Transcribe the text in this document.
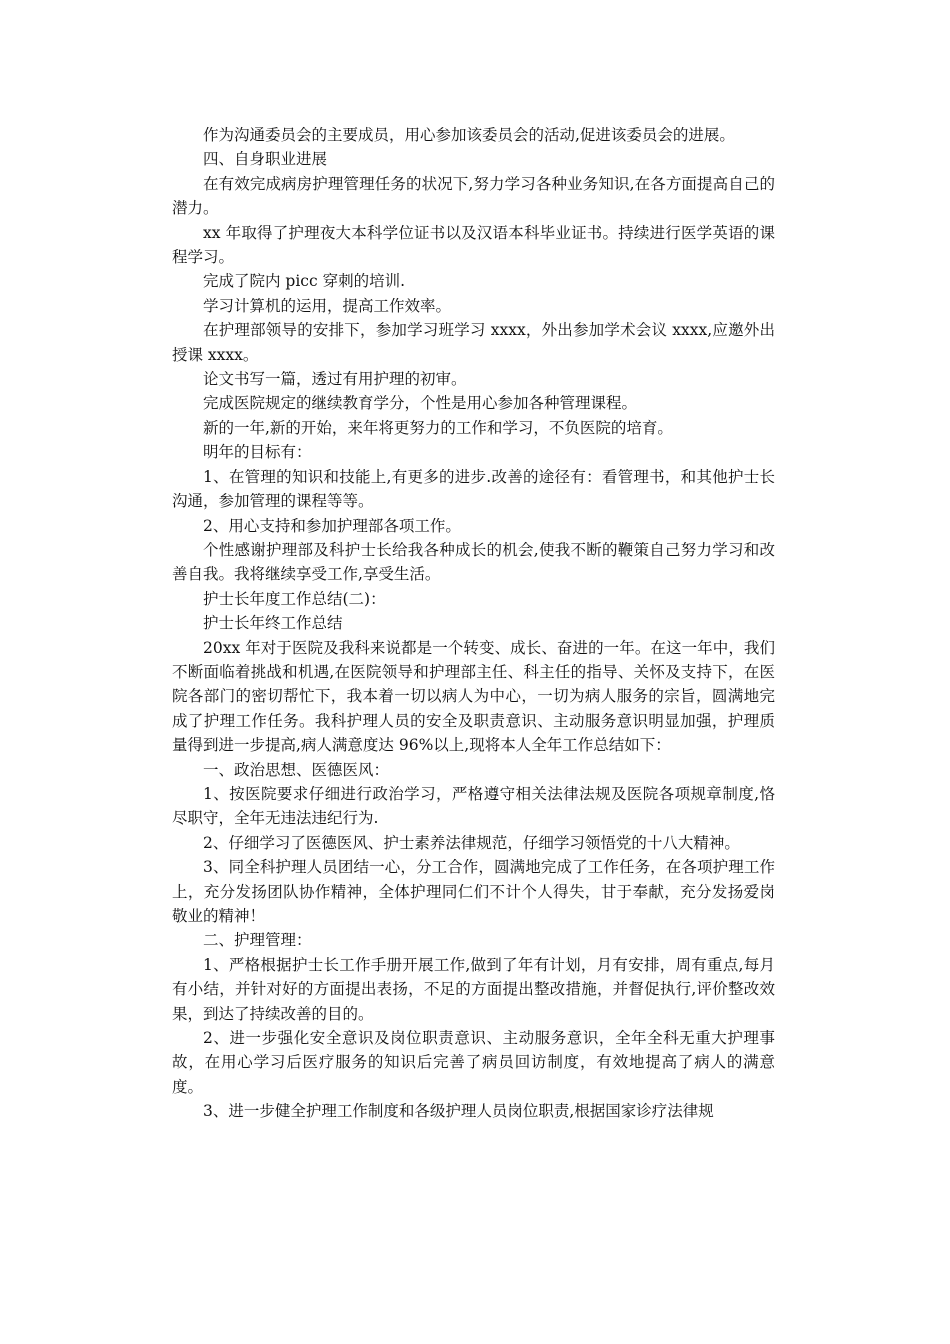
作为沟通委员会的主要成员，用心参加该委员会的活动,促进该委员会的进展。

四、自身职业进展

在有效完成病房护理管理任务的状况下,努力学习各种业务知识,在各方面提高自己的潜力。

xx 年取得了护理夜大本科学位证书以及汉语本科毕业证书。持续进行医学英语的课程学习。

完成了院内 picc 穿刺的培训.

学习计算机的运用，提高工作效率。

在护理部领导的安排下，参加学习班学习 xxxx，外出参加学术会议 xxxx,应邀外出授课 xxxx。

论文书写一篇，透过有用护理的初审。

完成医院规定的继续教育学分，个性是用心参加各种管理课程。

新的一年,新的开始，来年将更努力的工作和学习，不负医院的培育。

明年的目标有：

1、在管理的知识和技能上,有更多的进步.改善的途径有：看管理书，和其他护士长沟通，参加管理的课程等等。

2、用心支持和参加护理部各项工作。

个性感谢护理部及科护士长给我各种成长的机会,使我不断的鞭策自己努力学习和改善自我。我将继续享受工作,享受生活。

护士长年度工作总结(二)：

护士长年终工作总结

20xx 年对于医院及我科来说都是一个转变、成长、奋进的一年。在这一年中，我们不断面临着挑战和机遇,在医院领导和护理部主任、科主任的指导、关怀及支持下，在医院各部门的密切帮忙下，我本着一切以病人为中心，一切为病人服务的宗旨，圆满地完成了护理工作任务。我科护理人员的安全及职责意识、主动服务意识明显加强，护理质量得到进一步提高,病人满意度达 96%以上,现将本人全年工作总结如下：

一、政治思想、医德医风：

1、按医院要求仔细进行政治学习，严格遵守相关法律法规及医院各项规章制度,恪尽职守，全年无违法违纪行为.

2、仔细学习了医德医风、护士素养法律规范，仔细学习领悟党的十八大精神。

3、同全科护理人员团结一心，分工合作，圆满地完成了工作任务，在各项护理工作上，充分发扬团队协作精神，全体护理同仁们不计个人得失，甘于奉献，充分发扬爱岗敬业的精神！

二、护理管理：

1、严格根据护士长工作手册开展工作,做到了年有计划，月有安排，周有重点,每月有小结，并针对好的方面提出表扬，不足的方面提出整改措施，并督促执行,评价整改效果，到达了持续改善的目的。

2、进一步强化安全意识及岗位职责意识、主动服务意识，全年全科无重大护理事故，在用心学习后医疗服务的知识后完善了病员回访制度，有效地提高了病人的满意度。

3、进一步健全护理工作制度和各级护理人员岗位职责,根据国家诊疗法律规
